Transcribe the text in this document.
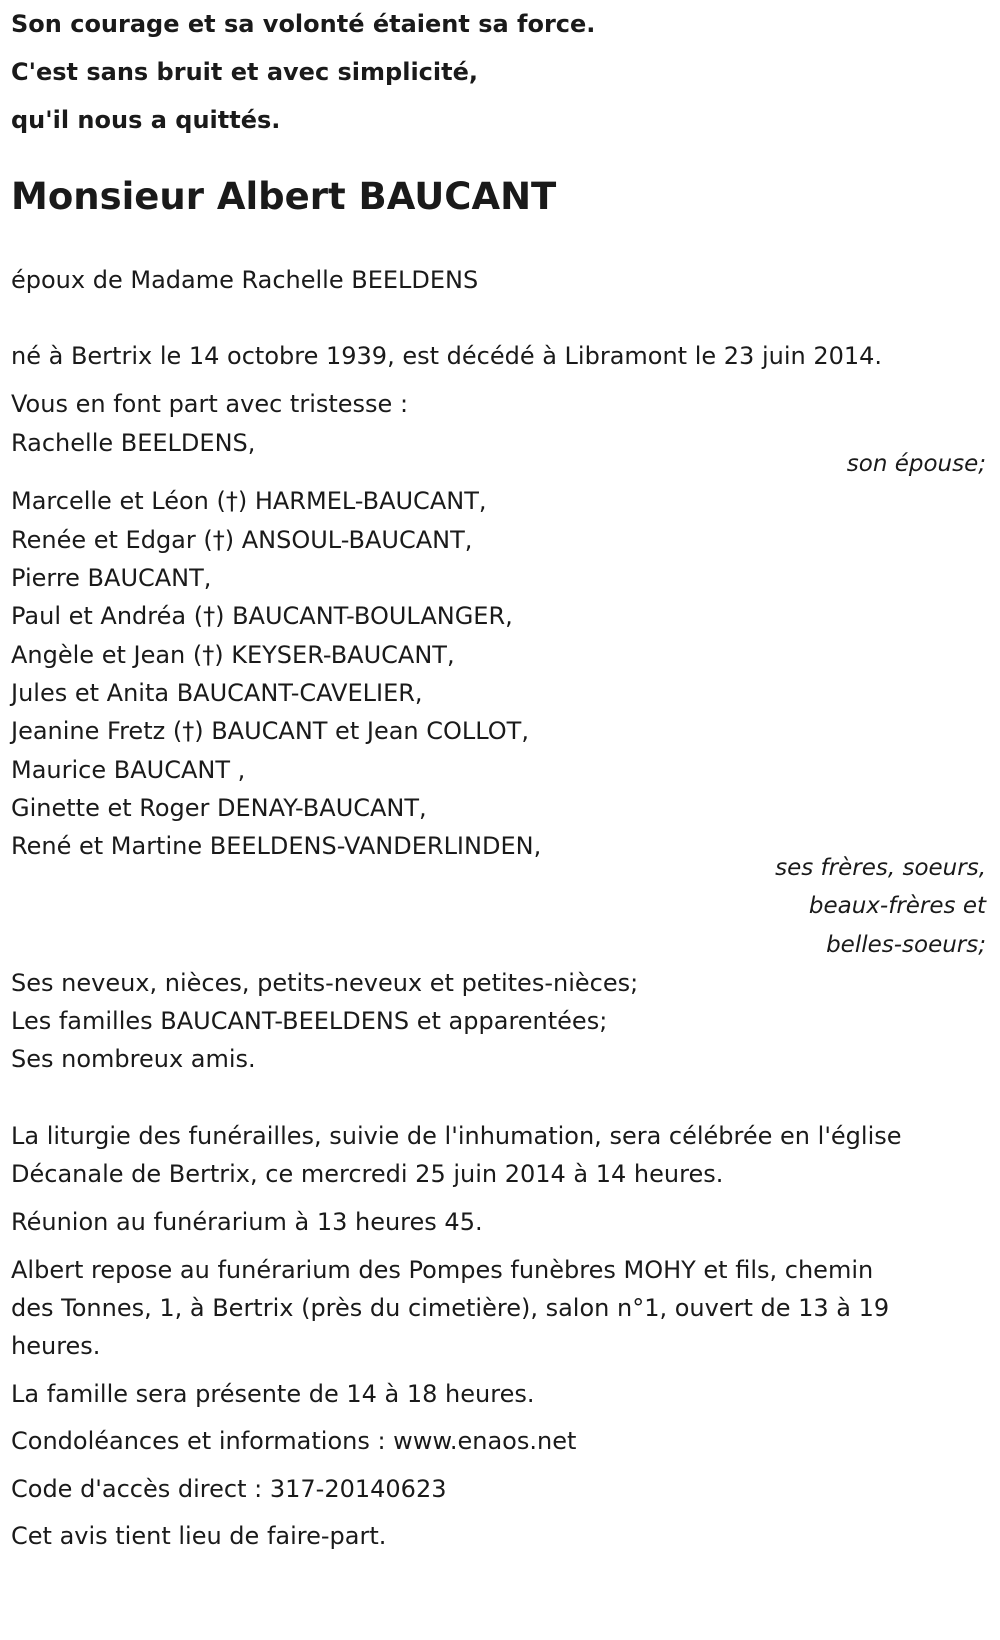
Son courage et sa volonté étaient sa force.
C'est sans bruit et avec simplicité,
qu'il nous a quittés.
Monsieur Albert BAUCANT
époux de Madame Rachelle BEELDENS
né à Bertrix le 14 octobre 1939, est décédé à Libramont le 23 juin 2014.
Vous en font part avec tristesse :
Rachelle BEELDENS,
son épouse;
Marcelle et Léon (†) HARMEL-BAUCANT,
Renée et Edgar (†) ANSOUL-BAUCANT,
Pierre BAUCANT,
Paul et Andréa (†) BAUCANT-BOULANGER,
Angèle et Jean (†) KEYSER-BAUCANT,
Jules et Anita BAUCANT-CAVELIER,
Jeanine Fretz (†) BAUCANT et Jean COLLOT,
Maurice BAUCANT ,
Ginette et Roger DENAY-BAUCANT,
René et Martine BEELDENS-VANDERLINDEN,
ses frères, soeurs,
beaux-frères et
belles-soeurs;
Ses neveux, nièces, petits-neveux et petites-nièces;
Les familles BAUCANT-BEELDENS et apparentées;
Ses nombreux amis.
La liturgie des funérailles, suivie de l'inhumation, sera célébrée en l'église
Décanale de Bertrix, ce mercredi 25 juin 2014 à 14 heures.
Réunion au funérarium à 13 heures 45.
Albert repose au funérarium des Pompes funèbres MOHY et fils, chemin
des Tonnes, 1, à Bertrix (près du cimetière), salon n°1, ouvert de 13 à 19
heures.
La famille sera présente de 14 à 18 heures.
Condoléances et informations : www.enaos.net
Code d'accès direct : 317-20140623
Cet avis tient lieu de faire-part.
